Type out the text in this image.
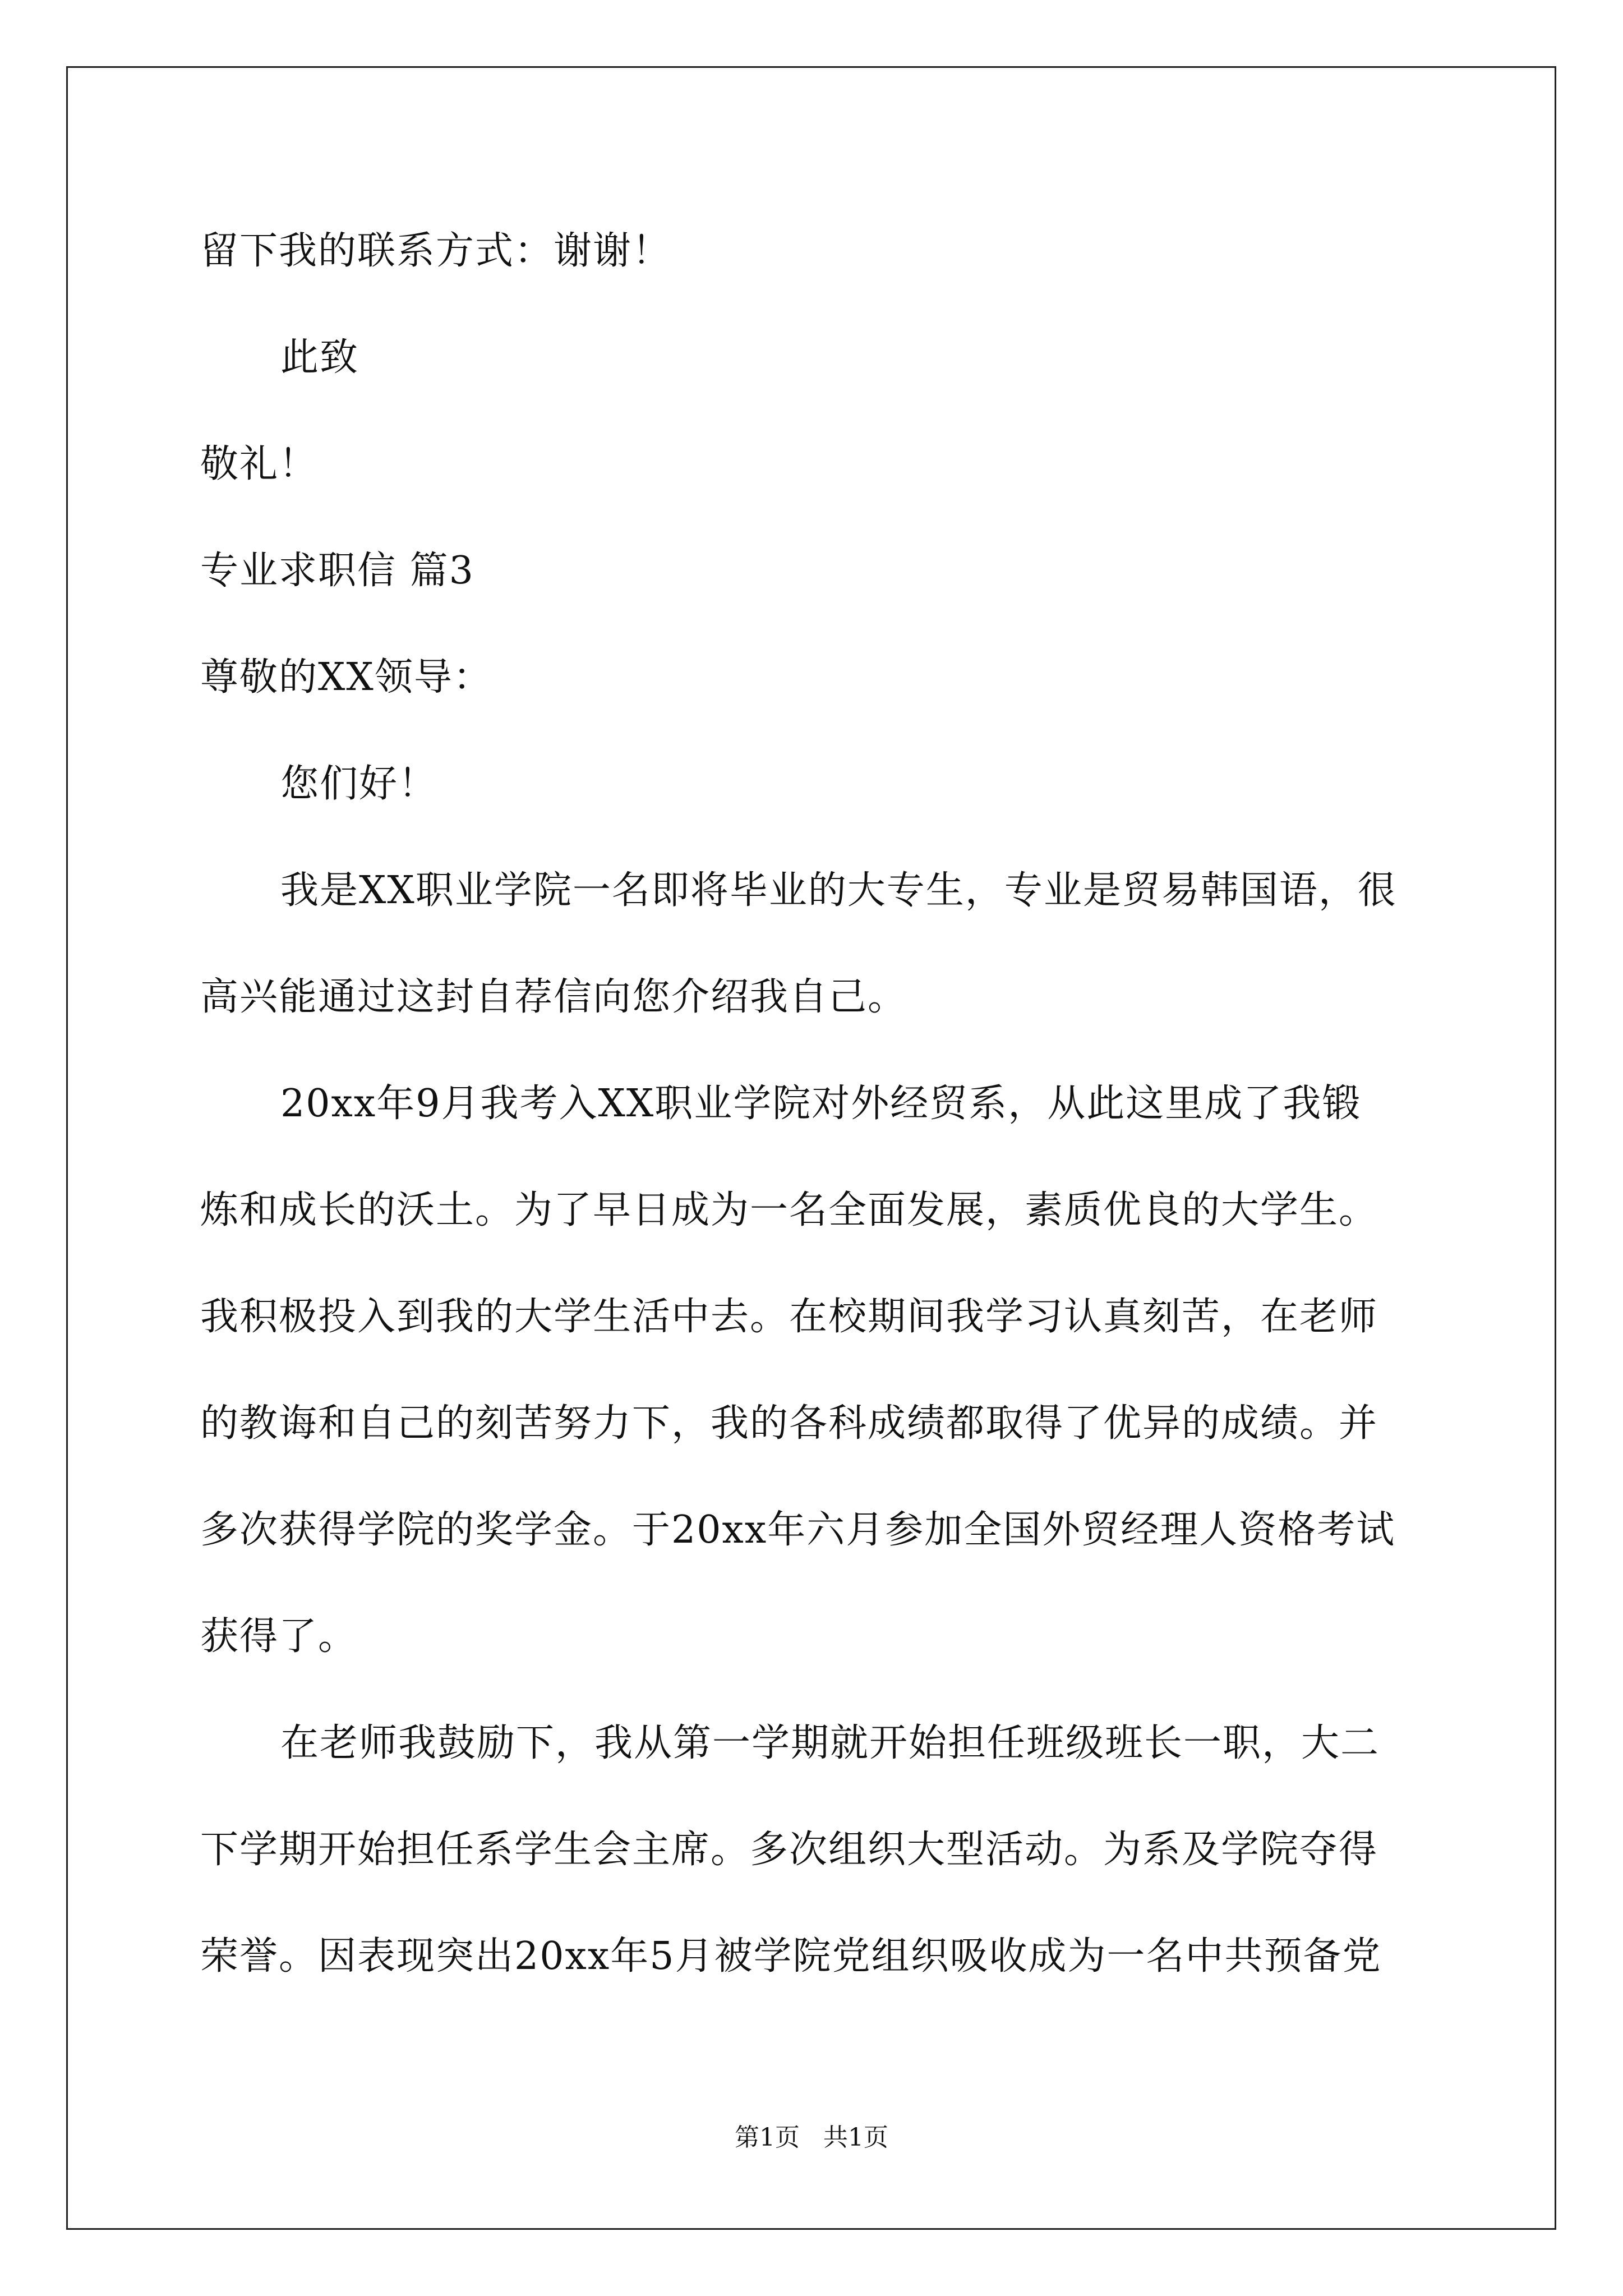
留下我的联系方式：谢谢！
此致
敬礼！
专业求职信 篇3
尊敬的XX领导：
您们好！
我是XX职业学院一名即将毕业的大专生，专业是贸易韩国语，很
高兴能通过这封自荐信向您介绍我自己。
20xx年9月我考入XX职业学院对外经贸系，从此这里成了我锻
炼和成长的沃土。为了早日成为一名全面发展，素质优良的大学生。
我积极投入到我的大学生活中去。在校期间我学习认真刻苦，在老师
的教诲和自己的刻苦努力下，我的各科成绩都取得了优异的成绩。并
多次获得学院的奖学金。于20xx年六月参加全国外贸经理人资格考试
获得了。
在老师我鼓励下，我从第一学期就开始担任班级班长一职，大二
下学期开始担任系学生会主席。多次组织大型活动。为系及学院夺得
荣誉。因表现突出20xx年5月被学院党组织吸收成为一名中共预备党
第1页   共1页
